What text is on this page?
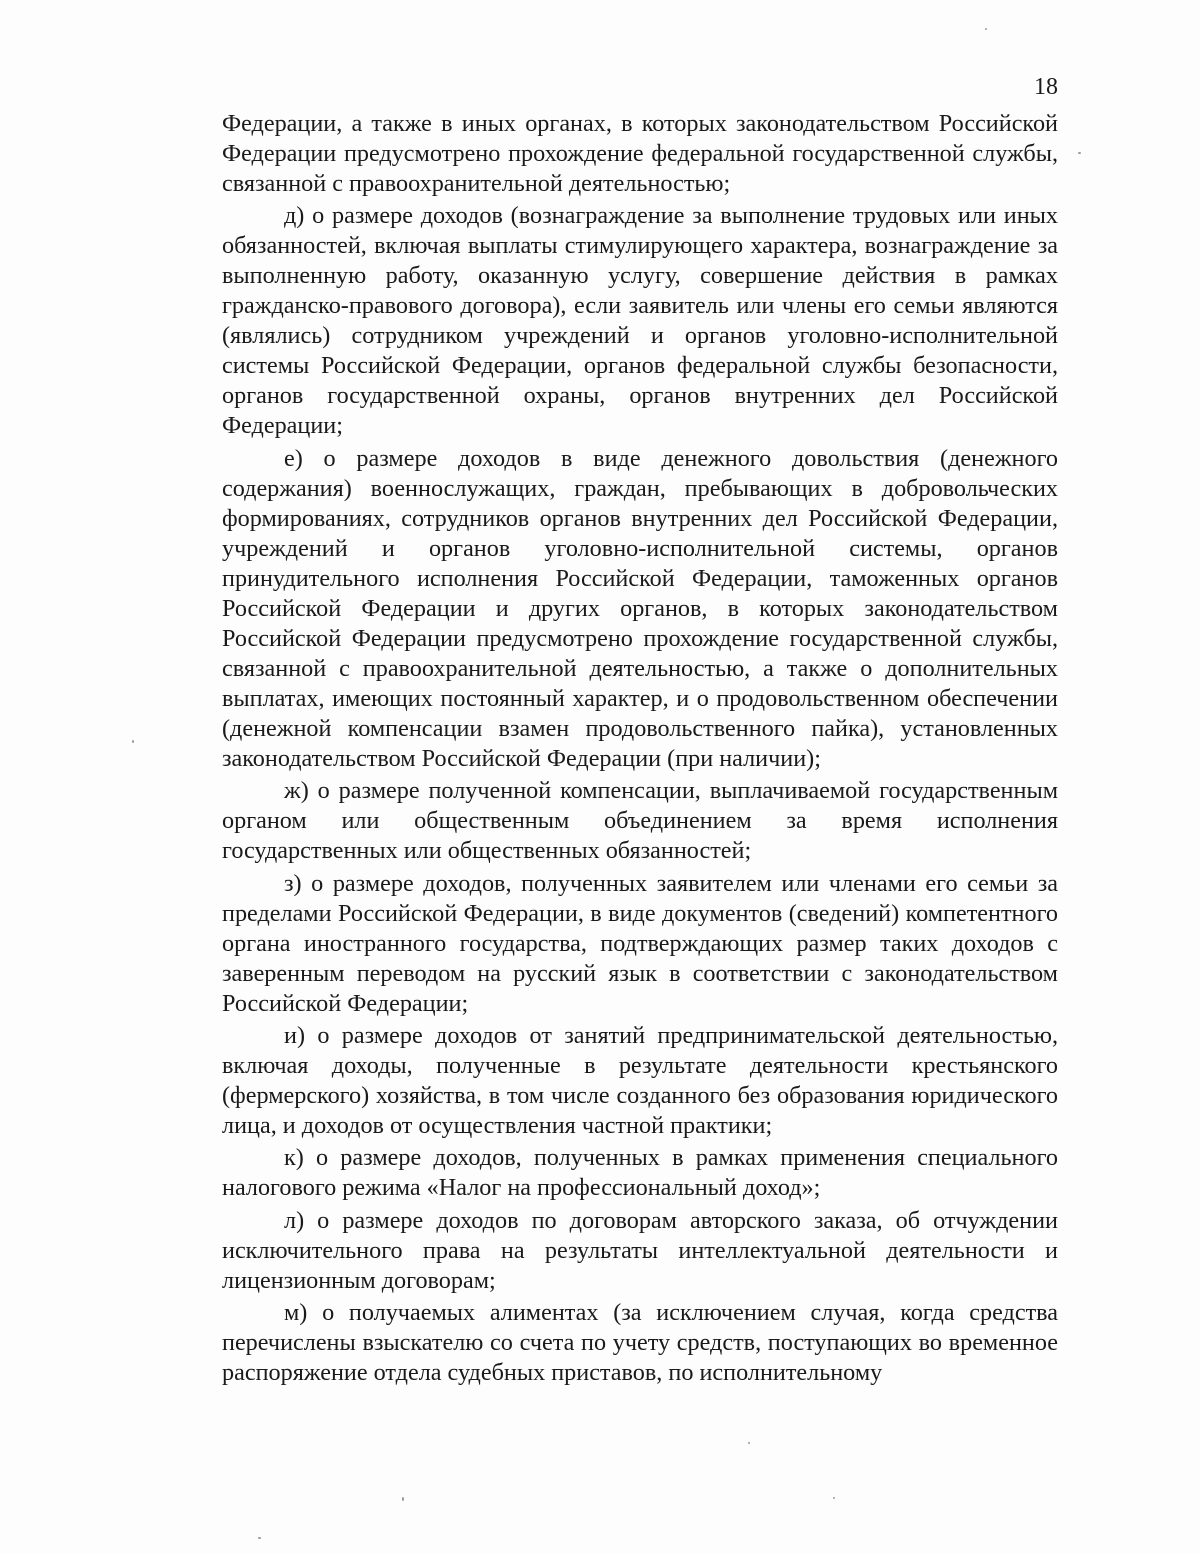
18

Федерации, а также в иных органах, в которых законодательством Российской Федерации предусмотрено прохождение федеральной государственной службы, связанной с правоохранительной деятельностью;

д) о размере доходов (вознаграждение за выполнение трудовых или иных обязанностей, включая выплаты стимулирующего характера, вознаграждение за выполненную работу, оказанную услугу, совершение действия в рамках гражданско-правового договора), если заявитель или члены его семьи являются (являлись) сотрудником учреждений и органов уголовно-исполнительной системы Российской Федерации, органов федеральной службы безопасности, органов государственной охраны, органов внутренних дел Российской Федерации;

е) о размере доходов в виде денежного довольствия (денежного содержания) военнослужащих, граждан, пребывающих в добровольческих формированиях, сотрудников органов внутренних дел Российской Федерации, учреждений и органов уголовно-исполнительной системы, органов принудительного исполнения Российской Федерации, таможенных органов Российской Федерации и других органов, в которых законодательством Российской Федерации предусмотрено прохождение государственной службы, связанной с правоохранительной деятельностью, а также о дополнительных выплатах, имеющих постоянный характер, и о продовольственном обеспечении (денежной компенсации взамен продовольственного пайка), установленных законодательством Российской Федерации (при наличии);

ж) о размере полученной компенсации, выплачиваемой государственным органом или общественным объединением за время исполнения государственных или общественных обязанностей;

з) о размере доходов, полученных заявителем или членами его семьи за пределами Российской Федерации, в виде документов (сведений) компетентного органа иностранного государства, подтверждающих размер таких доходов с заверенным переводом на русский язык в соответствии с законодательством Российской Федерации;

и) о размере доходов от занятий предпринимательской деятельностью, включая доходы, полученные в результате деятельности крестьянского (фермерского) хозяйства, в том числе созданного без образования юридического лица, и доходов от осуществления частной практики;

к) о размере доходов, полученных в рамках применения специального налогового режима «Налог на профессиональный доход»;

л) о размере доходов по договорам авторского заказа, об отчуждении исключительного права на результаты интеллектуальной деятельности и лицензионным договорам;

м) о получаемых алиментах (за исключением случая, когда средства перечислены взыскателю со счета по учету средств, поступающих во временное распоряжение отдела судебных приставов, по исполнительному
